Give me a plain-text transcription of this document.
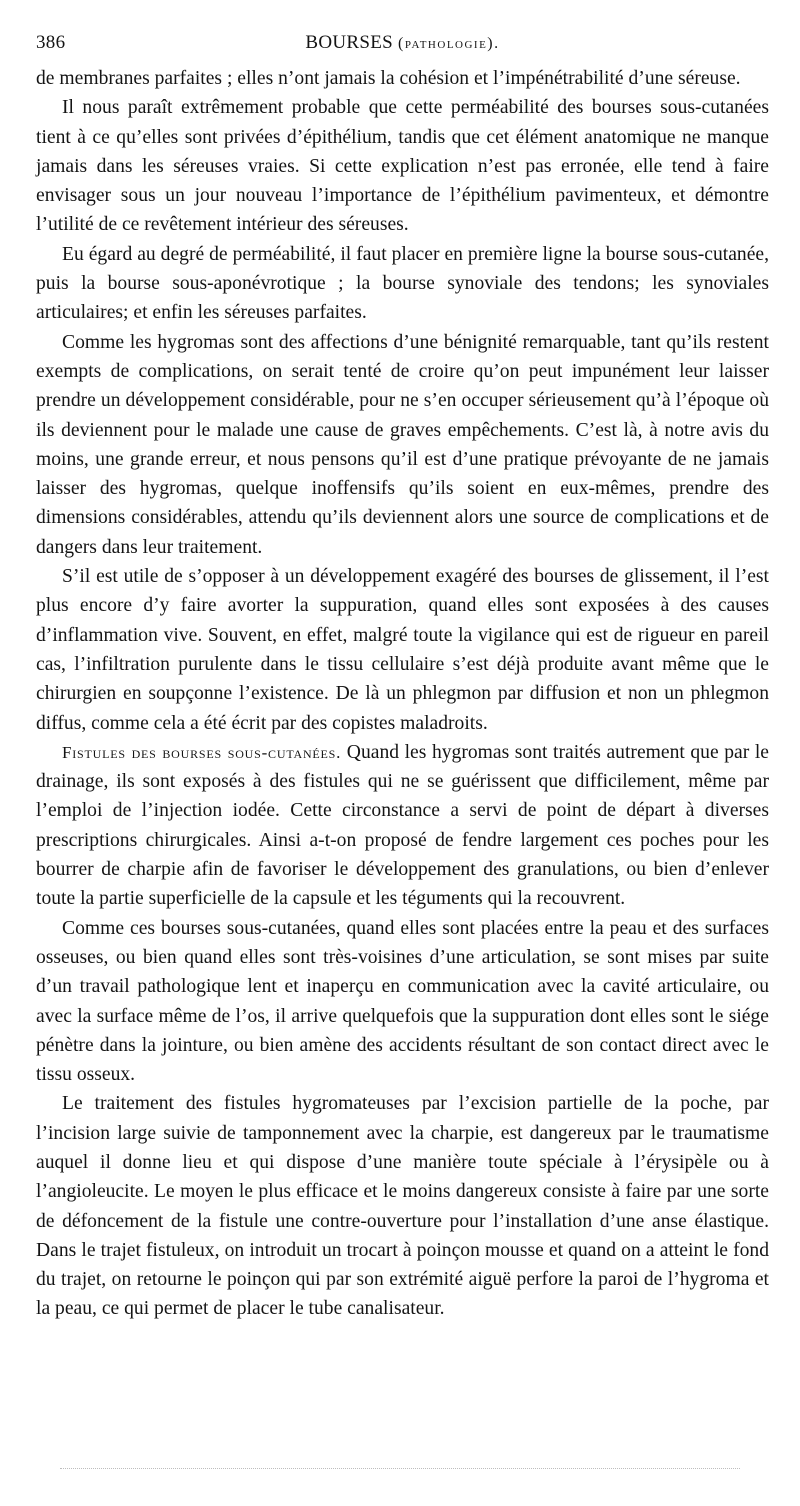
386	BOURSES (pathologie).

de membranes parfaites ; elles n’ont jamais la cohésion et l’impénétrabilité d’une séreuse.

Il nous paraît extrêmement probable que cette perméabilité des bourses sous-cutanées tient à ce qu’elles sont privées d’épithélium, tandis que cet élément anatomique ne manque jamais dans les séreuses vraies. Si cette explication n’est pas erronée, elle tend à faire envisager sous un jour nouveau l’importance de l’épithélium pavimenteux, et démontre l’utilité de ce revêtement intérieur des séreuses.

Eu égard au degré de perméabilité, il faut placer en première ligne la bourse sous-cutanée, puis la bourse sous-aponévrotique ; la bourse synoviale des tendons; les synoviales articulaires; et enfin les séreuses parfaites.

Comme les hygromas sont des affections d’une bénignité remarquable, tant qu’ils restent exempts de complications, on serait tenté de croire qu’on peut impunément leur laisser prendre un développement considérable, pour ne s’en occuper sérieusement qu’à l’époque où ils deviennent pour le malade une cause de graves empêchements. C’est là, à notre avis du moins, une grande erreur, et nous pensons qu’il est d’une pratique prévoyante de ne jamais laisser des hygromas, quelque inoffensifs qu’ils soient en eux-mêmes, prendre des dimensions considérables, attendu qu’ils deviennent alors une source de complications et de dangers dans leur traitement.

S’il est utile de s’opposer à un développement exagéré des bourses de glissement, il l’est plus encore d’y faire avorter la suppuration, quand elles sont exposées à des causes d’inflammation vive. Souvent, en effet, malgré toute la vigilance qui est de rigueur en pareil cas, l’infiltration purulente dans le tissu cellulaire s’est déjà produite avant même que le chirurgien en soupçonne l’existence. De là un phlegmon par diffusion et non un phlegmon diffus, comme cela a été écrit par des copistes maladroits.

Fistules des bourses sous-cutanées. Quand les hygromas sont traités autrement que par le drainage, ils sont exposés à des fistules qui ne se guérissent que difficilement, même par l’emploi de l’injection iodée. Cette circonstance a servi de point de départ à diverses prescriptions chirurgicales. Ainsi a-t-on proposé de fendre largement ces poches pour les bourrer de charpie afin de favoriser le développement des granulations, ou bien d’enlever toute la partie superficielle de la capsule et les téguments qui la recouvrent.

Comme ces bourses sous-cutanées, quand elles sont placées entre la peau et des surfaces osseuses, ou bien quand elles sont très-voisines d’une articulation, se sont mises par suite d’un travail pathologique lent et inaperçu en communication avec la cavité articulaire, ou avec la surface même de l’os, il arrive quelquefois que la suppuration dont elles sont le siége pénètre dans la jointure, ou bien amène des accidents résultant de son contact direct avec le tissu osseux.

Le traitement des fistules hygromateuses par l’excision partielle de la poche, par l’incision large suivie de tamponnement avec la charpie, est dangereux par le traumatisme auquel il donne lieu et qui dispose d’une manière toute spéciale à l’érysipèle ou à l’angioleucite. Le moyen le plus efficace et le moins dangereux consiste à faire par une sorte de défoncement de la fistule une contre-ouverture pour l’installation d’une anse élastique. Dans le trajet fistuleux, on introduit un trocart à poinçon mousse et quand on a atteint le fond du trajet, on retourne le poinçon qui par son extrémité aiguë perfore la paroi de l’hygroma et la peau, ce qui permet de placer le tube canalisateur.
